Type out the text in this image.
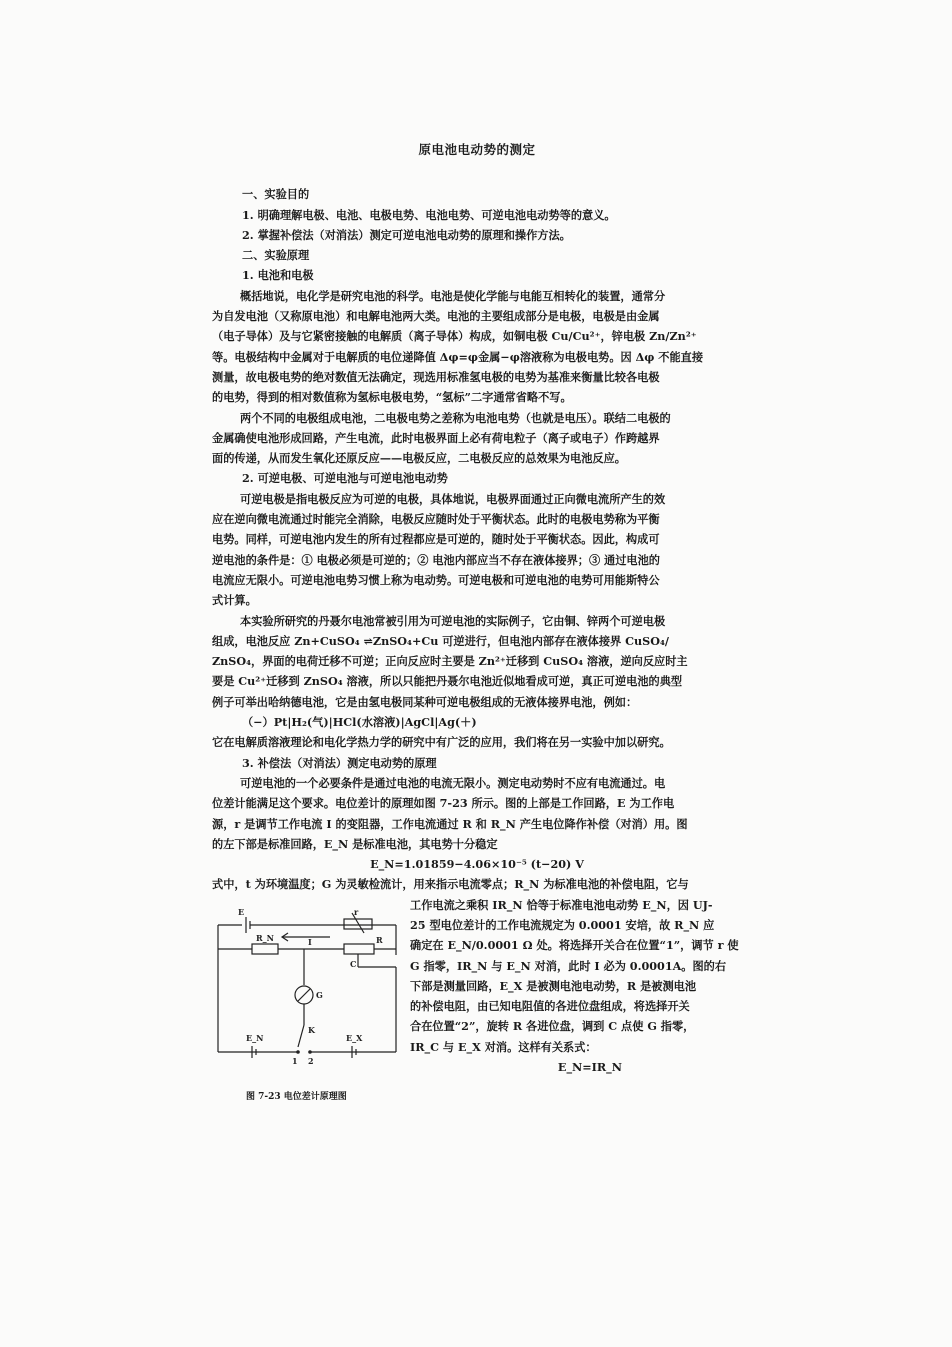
原电池电动势的测定
一、实验目的
1. 明确理解电极、电池、电极电势、电池电势、可逆电池电动势等的意义。
2. 掌握补偿法（对消法）测定可逆电池电动势的原理和操作方法。
二、实验原理
1. 电池和电极
概括地说，电化学是研究电池的科学。电池是使化学能与电能互相转化的装置，通常分
为自发电池（又称原电池）和电解电池两大类。电池的主要组成部分是电极，电极是由金属
（电子导体）及与它紧密接触的电解质（离子导体）构成，如铜电极 Cu/Cu²⁺，锌电极 Zn/Zn²⁺
等。电极结构中金属对于电解质的电位递降值 Δφ=φ金属−φ溶液称为电极电势。因 Δφ 不能直接
测量，故电极电势的绝对数值无法确定，现选用标准氢电极的电势为基准来衡量比较各电极
的电势，得到的相对数值称为氢标电极电势，“氢标”二字通常省略不写。
两个不同的电极组成电池，二电极电势之差称为电池电势（也就是电压）。联结二电极的
金属确使电池形成回路，产生电流，此时电极界面上必有荷电粒子（离子或电子）作跨越界
面的传递，从而发生氧化还原反应——电极反应，二电极反应的总效果为电池反应。
2. 可逆电极、可逆电池与可逆电池电动势
可逆电极是指电极反应为可逆的电极，具体地说，电极界面通过正向微电流所产生的效
应在逆向微电流通过时能完全消除，电极反应随时处于平衡状态。此时的电极电势称为平衡
电势。同样，可逆电池内发生的所有过程都应是可逆的，随时处于平衡状态。因此，构成可
逆电池的条件是：① 电极必须是可逆的；② 电池内部应当不存在液体接界；③ 通过电池的
电流应无限小。可逆电池电势习惯上称为电动势。可逆电极和可逆电池的电势可用能斯特公
式计算。
本实验所研究的丹聂尔电池常被引用为可逆电池的实际例子，它由铜、锌两个可逆电极
组成，电池反应 Zn+CuSO₄ ⇌ZnSO₄+Cu 可逆进行，但电池内部存在液体接界 CuSO₄/
ZnSO₄，界面的电荷迁移不可逆；正向反应时主要是 Zn²⁺迁移到 CuSO₄ 溶液，逆向反应时主
要是 Cu²⁺迁移到 ZnSO₄ 溶液，所以只能把丹聂尔电池近似地看成可逆，真正可逆电池的典型
例子可举出哈纳德电池，它是由氢电极同某种可逆电极组成的无液体接界电池，例如：
（−）Pt|H₂(气)|HCl(水溶液)|AgCl|Ag(＋)
它在电解质溶液理论和电化学热力学的研究中有广泛的应用，我们将在另一实验中加以研究。
3. 补偿法（对消法）测定电动势的原理
可逆电池的一个必要条件是通过电池的电流无限小。测定电动势时不应有电流通过。电
位差计能满足这个要求。电位差计的原理如图 7-23 所示。图的上部是工作回路，E 为工作电
源，r 是调节工作电流 I 的变阻器，工作电流通过 R 和 R_N 产生电位降作补偿（对消）用。图
的左下部是标准回路，E_N 是标准电池，其电势十分稳定
E_N=1.01859−4.06×10⁻⁵ (t−20) V
式中，t 为环境温度；G 为灵敏检流计，用来指示电流零点；R_N 为标准电池的补偿电阻，它与
E	r
R_N	I	R
C
G
K
E_N	E_X
1 2
图 7-23 电位差计原理图
工作电流之乘积 IR_N 恰等于标准电池电动势 E_N，因 UJ-
25 型电位差计的工作电流规定为 0.0001 安培，故 R_N 应
确定在 E_N/0.0001 Ω 处。将选择开关合在位置“1”，调节 r 使
G 指零，IR_N 与 E_N 对消，此时 I 必为 0.0001A。图的右
下部是测量回路，E_X 是被测电池电动势，R 是被测电池
的补偿电阻，由已知电阻值的各进位盘组成，将选择开关
合在位置“2”，旋转 R 各进位盘，调到 C 点使 G 指零，
IR_C 与 E_X 对消。这样有关系式：
E_N=IR_N
